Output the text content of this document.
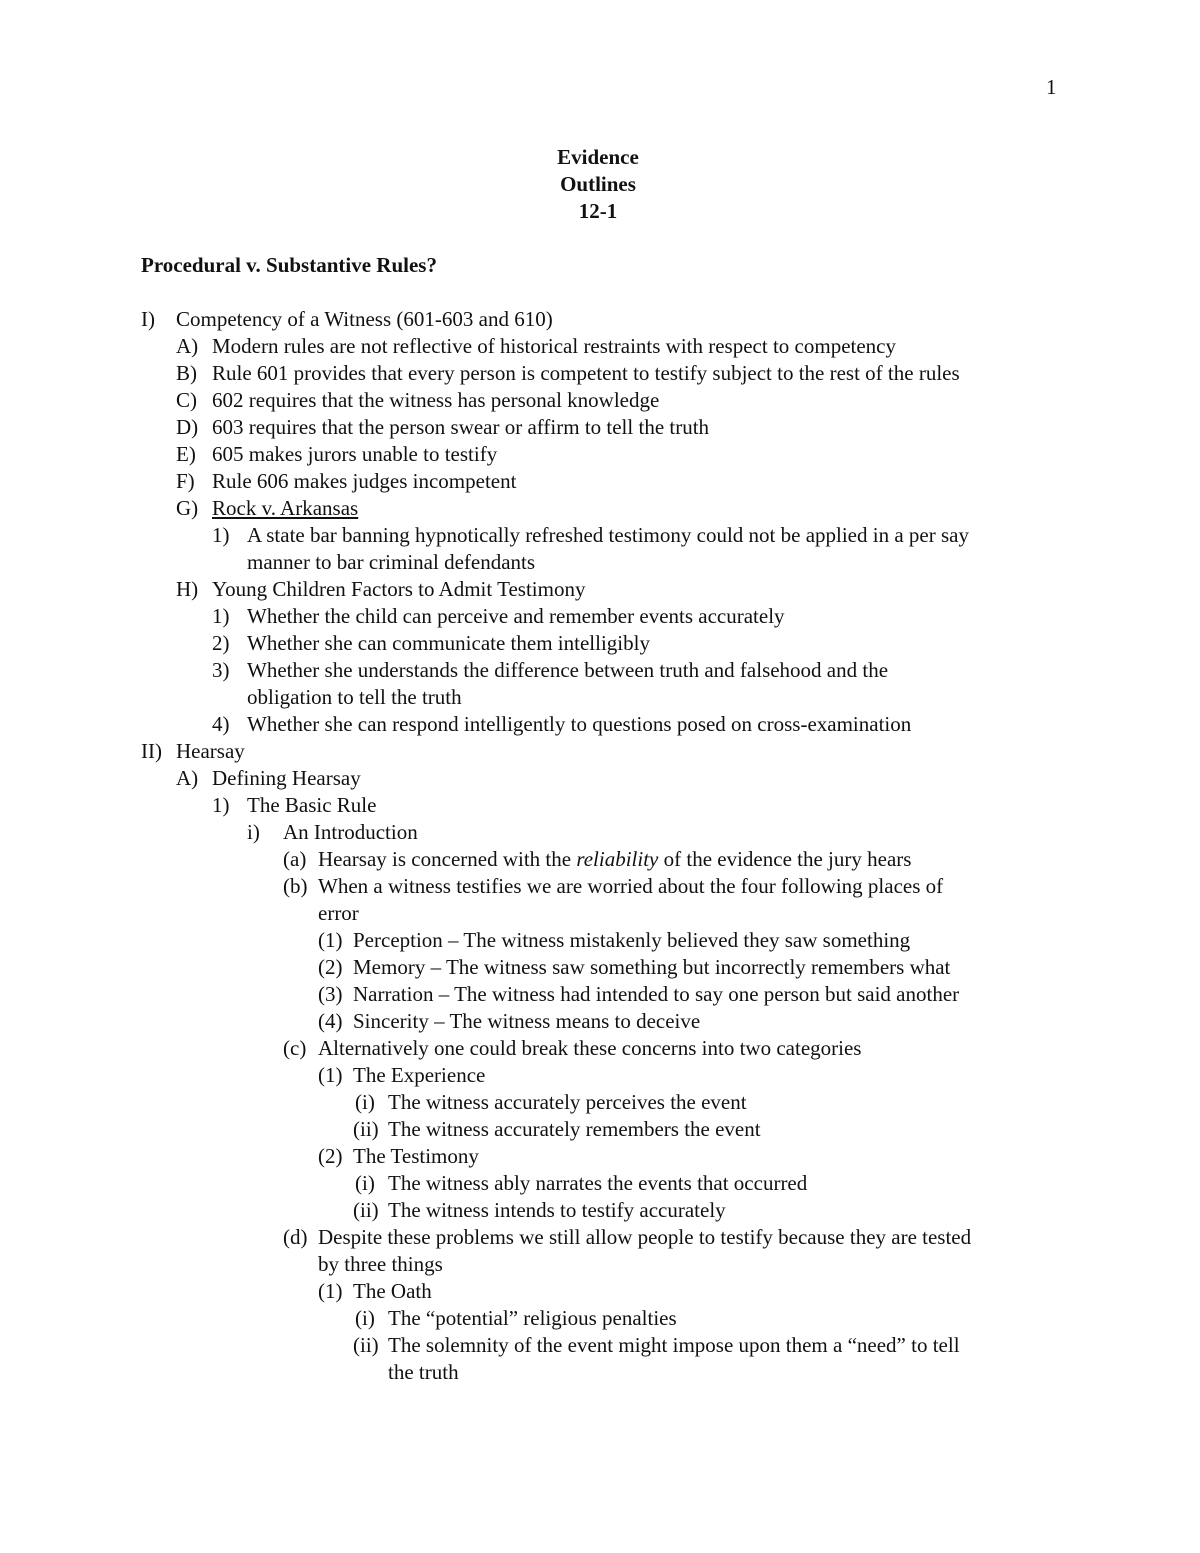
1
Evidence
Outlines
12-1
Procedural v. Substantive Rules?
I)	Competency of a Witness (601-603 and 610)
A) Modern rules are not reflective of historical restraints with respect to competency
B) Rule 601 provides that every person is competent to testify subject to the rest of the rules
C) 602 requires that the witness has personal knowledge
D) 603 requires that the person swear or affirm to tell the truth
E) 605 makes jurors unable to testify
F) Rule 606 makes judges incompetent
G) Rock v. Arkansas
1) A state bar banning hypnotically refreshed testimony could not be applied in a per say
manner to bar criminal defendants
H) Young Children Factors to Admit Testimony
1) Whether the child can perceive and remember events accurately
2) Whether she can communicate them intelligibly
3) Whether she understands the difference between truth and falsehood and the
obligation to tell the truth
4) Whether she can respond intelligently to questions posed on cross-examination
II) Hearsay
A) Defining Hearsay
1) The Basic Rule
i)	An Introduction
(a) Hearsay is concerned with the reliability of the evidence the jury hears
(b) When a witness testifies we are worried about the four following places of
error
(1) Perception – The witness mistakenly believed they saw something
(2) Memory – The witness saw something but incorrectly remembers what
(3) Narration – The witness had intended to say one person but said another
(4) Sincerity – The witness means to deceive
(c) Alternatively one could break these concerns into two categories
(1) The Experience
(i) The witness accurately perceives the event
(ii) The witness accurately remembers the event
(2) The Testimony
(i) The witness ably narrates the events that occurred
(ii) The witness intends to testify accurately
(d) Despite these problems we still allow people to testify because they are tested
by three things
(1) The Oath
(i) The “potential” religious penalties
(ii) The solemnity of the event might impose upon them a “need” to tell
the truth
